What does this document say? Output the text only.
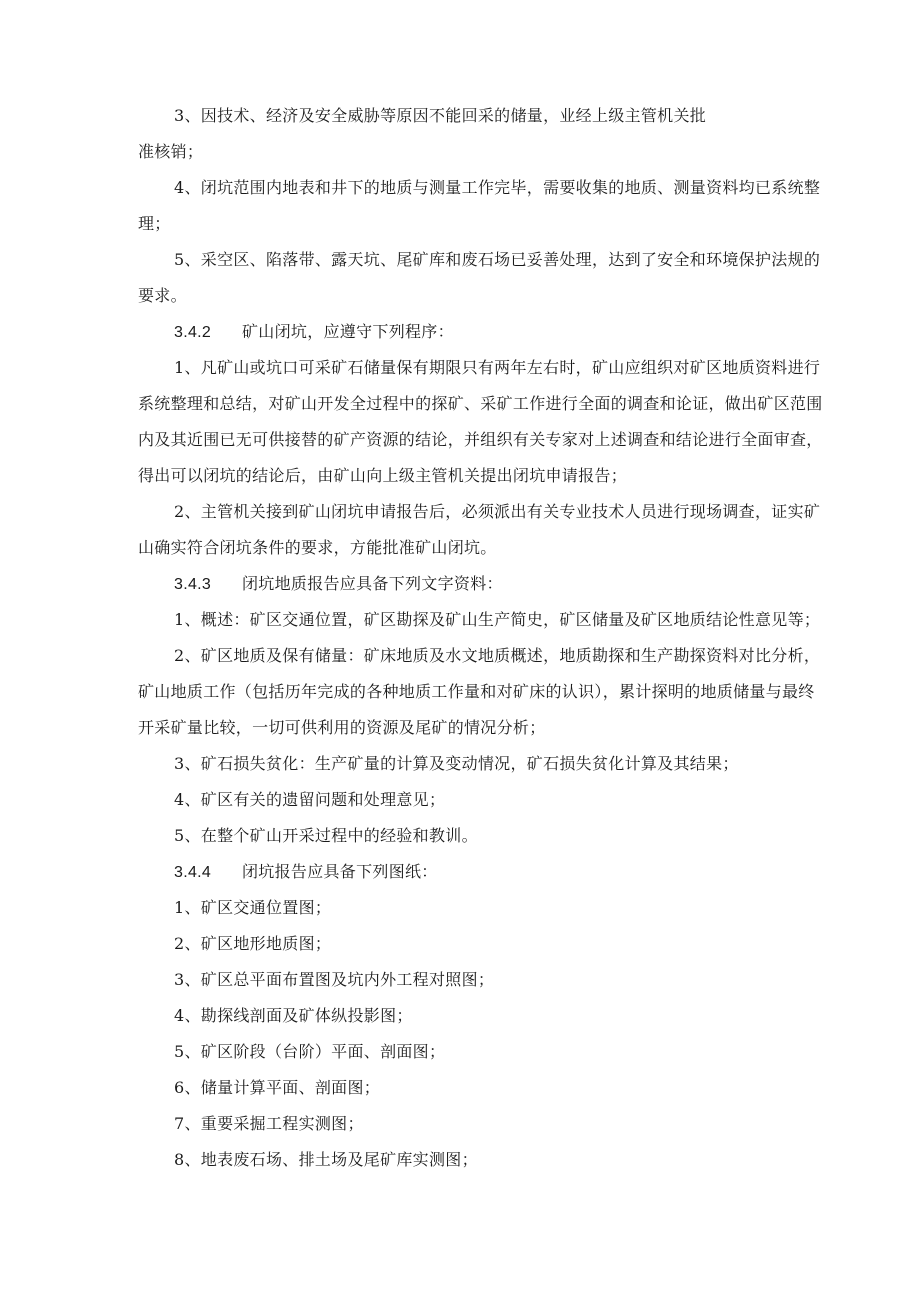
3、因技术、经济及安全威胁等原因不能回采的储量，业经上级主管机关批
准核销；
4、闭坑范围内地表和井下的地质与测量工作完毕，需要收集的地质、测量资料均已系统整
理；
5、采空区、陷落带、露天坑、尾矿库和废石场已妥善处理，达到了安全和环境保护法规的
要求。
3.4.2 矿山闭坑，应遵守下列程序：
1、凡矿山或坑口可采矿石储量保有期限只有两年左右时，矿山应组织对矿区地质资料进行
系统整理和总结，对矿山开发全过程中的探矿、采矿工作进行全面的调查和论证，做出矿区范围
内及其近围已无可供接替的矿产资源的结论，并组织有关专家对上述调查和结论进行全面审查，
得出可以闭坑的结论后，由矿山向上级主管机关提出闭坑申请报告；
2、主管机关接到矿山闭坑申请报告后，必须派出有关专业技术人员进行现场调查，证实矿
山确实符合闭坑条件的要求，方能批准矿山闭坑。
3.4.3 闭坑地质报告应具备下列文字资料：
1、概述：矿区交通位置，矿区勘探及矿山生产简史，矿区储量及矿区地质结论性意见等；
2、矿区地质及保有储量：矿床地质及水文地质概述，地质勘探和生产勘探资料对比分析，
矿山地质工作（包括历年完成的各种地质工作量和对矿床的认识），累计探明的地质储量与最终
开采矿量比较，一切可供利用的资源及尾矿的情况分析；
3、矿石损失贫化：生产矿量的计算及变动情况，矿石损失贫化计算及其结果；
4、矿区有关的遗留问题和处理意见；
5、在整个矿山开采过程中的经验和教训。
3.4.4 闭坑报告应具备下列图纸：
1、矿区交通位置图；
2、矿区地形地质图；
3、矿区总平面布置图及坑内外工程对照图；
4、勘探线剖面及矿体纵投影图；
5、矿区阶段（台阶）平面、剖面图；
6、储量计算平面、剖面图；
7、重要采掘工程实测图；
8、地表废石场、排土场及尾矿库实测图；
